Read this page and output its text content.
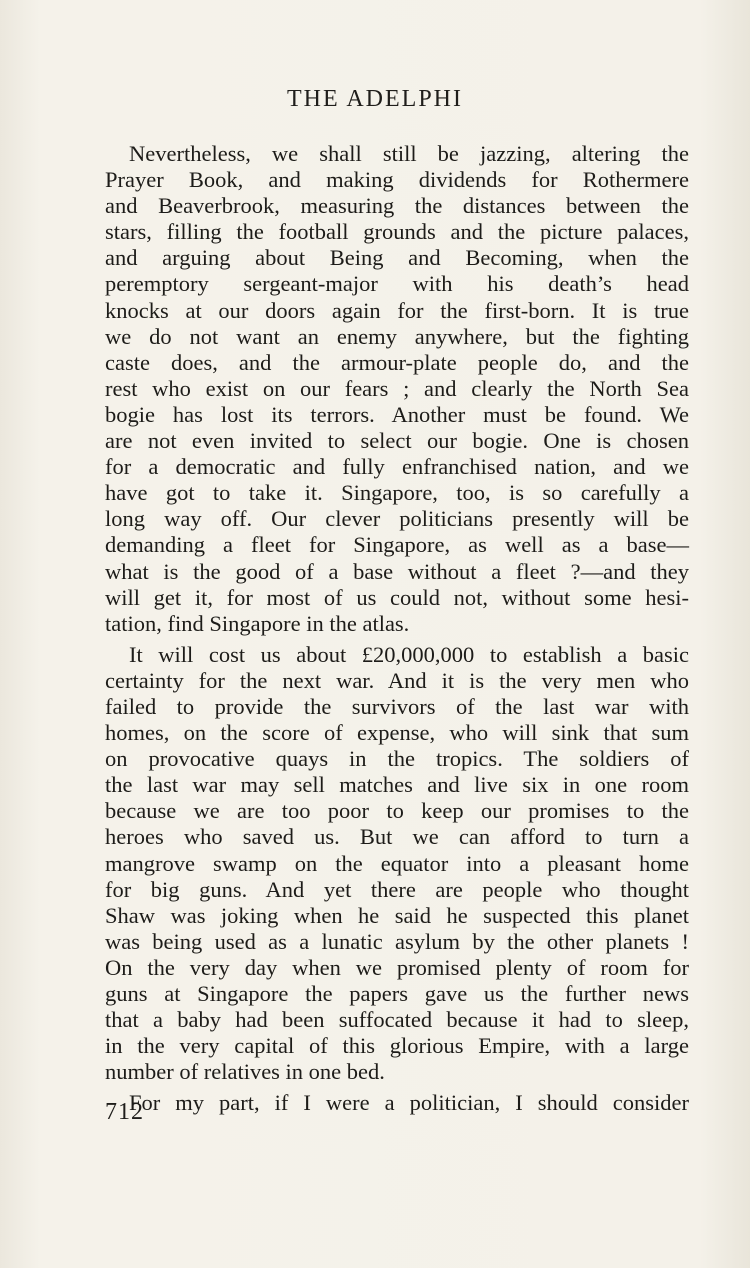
THE ADELPHI
Nevertheless, we shall still be jazzing, altering the
Prayer Book, and making dividends for Rothermere
and Beaverbrook, measuring the distances between the
stars, filling the football grounds and the picture palaces,
and arguing about Being and Becoming, when the
peremptory sergeant-major with his death’s head
knocks at our doors again for the first-born. It is true
we do not want an enemy anywhere, but the fighting
caste does, and the armour-plate people do, and the
rest who exist on our fears ; and clearly the North Sea
bogie has lost its terrors. Another must be found. We
are not even invited to select our bogie. One is chosen
for a democratic and fully enfranchised nation, and we
have got to take it. Singapore, too, is so carefully a
long way off. Our clever politicians presently will be
demanding a fleet for Singapore, as well as a base—
what is the good of a base without a fleet ?—and they
will get it, for most of us could not, without some hesi-
tation, find Singapore in the atlas.
It will cost us about £20,000,000 to establish a basic
certainty for the next war. And it is the very men who
failed to provide the survivors of the last war with
homes, on the score of expense, who will sink that sum
on provocative quays in the tropics. The soldiers of
the last war may sell matches and live six in one room
because we are too poor to keep our promises to the
heroes who saved us. But we can afford to turn a
mangrove swamp on the equator into a pleasant home
for big guns. And yet there are people who thought
Shaw was joking when he said he suspected this planet
was being used as a lunatic asylum by the other planets !
On the very day when we promised plenty of room for
guns at Singapore the papers gave us the further news
that a baby had been suffocated because it had to sleep,
in the very capital of this glorious Empire, with a large
number of relatives in one bed.
For my part, if I were a politician, I should consider
712
